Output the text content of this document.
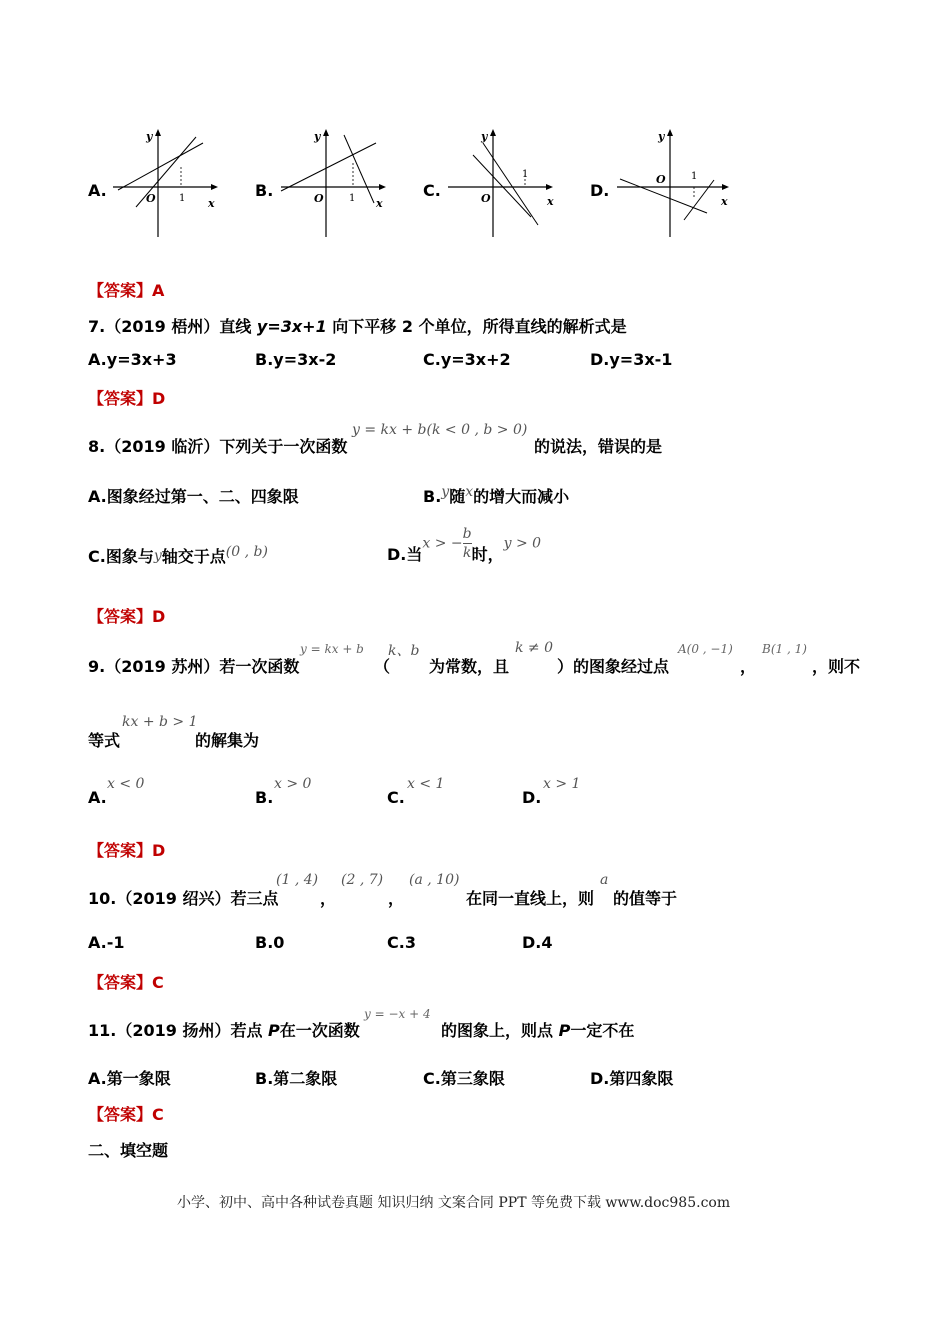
A.
y
O 1 x
B.
y
O	1 x
C.
y
O
1
x
D.
y
O	1
x
【答案】A
7.（2019 梧州）直线 y=3x+1 向下平移 2 个单位，所得直线的解析式是
A.y=3x+3	B.y=3x-2	C.y=3x+2	D.y=3x-1
【答案】D
8.（2019 临沂）下列关于一次函数
y = kx + b(k < 0 , b > 0)
的说法，错误的是
A.图象经过第一、二、四象限	B.y随x的增大而减小
C.图象与y轴交于点(0 , b)	D.当x > − $\frac{b}{k}$ 时，y > 0
【答案】D
9.（2019 苏州）若一次函数
y = kx + b
（
k、b
为常数，且
k ≠ 0
）的图象经过点
A(0 , −1)
，
B(1 , 1)
，则不
等式
kx + b > 1
的解集为
A.
x < 0
B.
x > 0
C.
x < 1
D.
x > 1
【答案】D
10.（2019 绍兴）若三点
(1 , 4)
，
(2 , 7)
，
(a , 10)
在同一直线上，则
a
的值等于
A.-1	B.0	C.3	D.4
【答案】C
11.（2019 扬州）若点 P在一次函数
y = −x + 4
的图象上，则点 P一定不在
A.第一象限	B.第二象限	C.第三象限	D.第四象限
【答案】C
二、填空题
小学、初中、高中各种试卷真题 知识归纳 文案合同 PPT 等免费下载 www.doc985.com
